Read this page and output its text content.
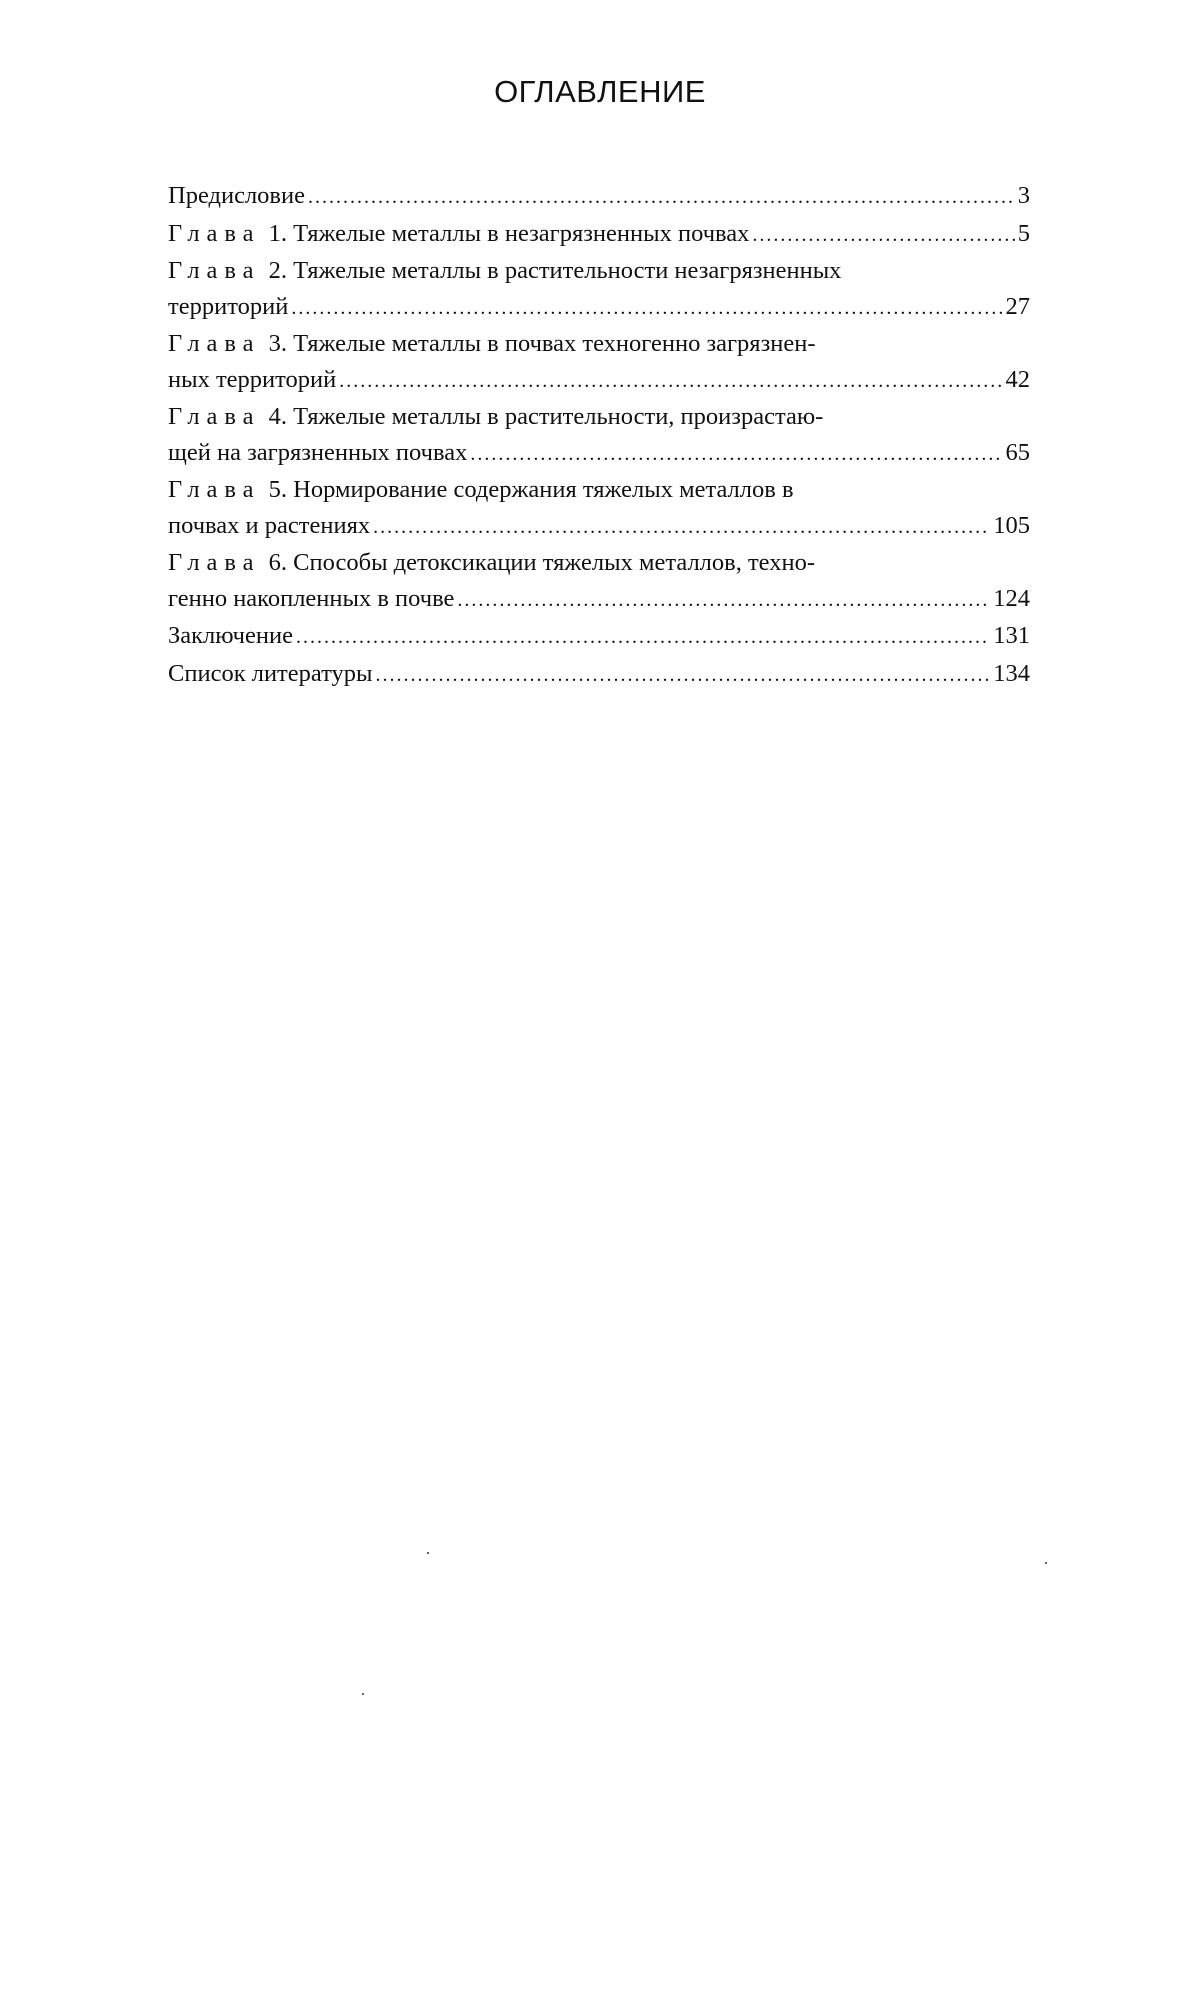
ОГЛАВЛЕНИЕ
Предисловие .....	3
Глава 1. Тяжелые металлы в незагрязненных почвах .....	5
Глава 2. Тяжелые металлы в растительности незагрязненных
территорий .....	27
Глава 3. Тяжелые металлы в почвах техногенно загрязнен-
ных территорий .....	42
Глава 4. Тяжелые металлы в растительности, произрастаю-
щей на загрязненных почвах .....	65
Глава 5. Нормирование содержания тяжелых металлов в
почвах и растениях .....	105
Глава 6. Способы детоксикации тяжелых металлов, техно-
генно накопленных в почве .....	124
Заключение .....	131
Список литературы .....	134
